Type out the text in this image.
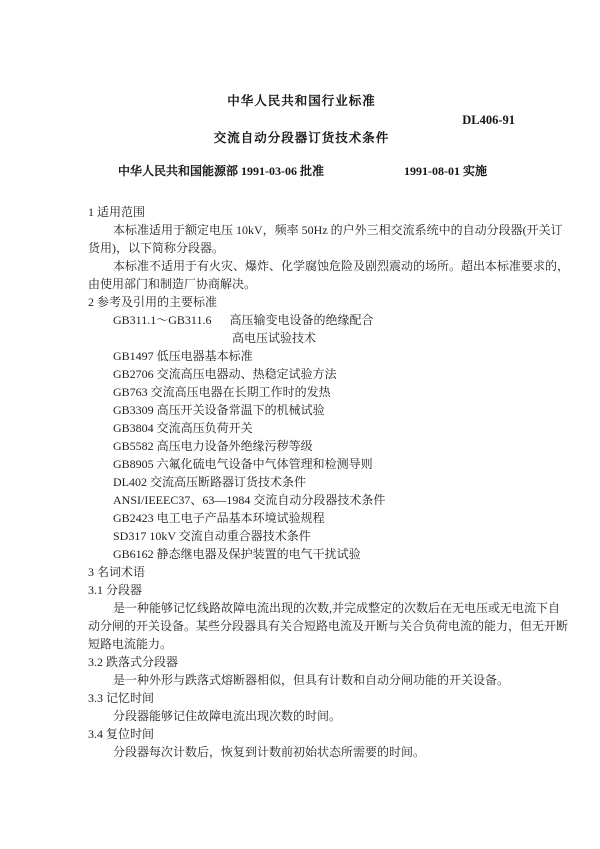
中华人民共和国行业标准
DL406-91
交流自动分段器订货技术条件
中华人民共和国能源部 1991-03-06 批准	1991-08-01 实施
1 适用范围
本标准适用于额定电压 10kV，频率 50Hz 的户外三相交流系统中的自动分段器(开关订
货用)，以下简称分段器。
本标准不适用于有火灾、爆炸、化学腐蚀危险及剧烈震动的场所。超出本标准要求的，
由使用部门和制造厂协商解决。
2 参考及引用的主要标准
GB311.1～GB311.6      高压输变电设备的绝缘配合
高电压试验技术
GB1497 低压电器基本标准
GB2706 交流高压电器动、热稳定试验方法
GB763 交流高压电器在长期工作时的发热
GB3309 高压开关设备常温下的机械试验
GB3804 交流高压负荷开关
GB5582 高压电力设备外绝缘污秽等级
GB8905 六氟化硫电气设备中气体管理和检测导则
DL402 交流高压断路器订货技术条件
ANSI/IEEEC37、63—1984 交流自动分段器技术条件
GB2423 电工电子产品基本环境试验规程
SD317 10kV 交流自动重合器技术条件
GB6162 静态继电器及保护装置的电气干扰试验
3 名词术语
3.1 分段器
是一种能够记忆线路故障电流出现的次数,并完成整定的次数后在无电压或无电流下自
动分闸的开关设备。某些分段器具有关合短路电流及开断与关合负荷电流的能力，但无开断
短路电流能力。
3.2 跌落式分段器
是一种外形与跌落式熔断器相似，但具有计数和自动分闸功能的开关设备。
3.3 记忆时间
分段器能够记住故障电流出现次数的时间。
3.4 复位时间
分段器每次计数后，恢复到计数前初始状态所需要的时间。
